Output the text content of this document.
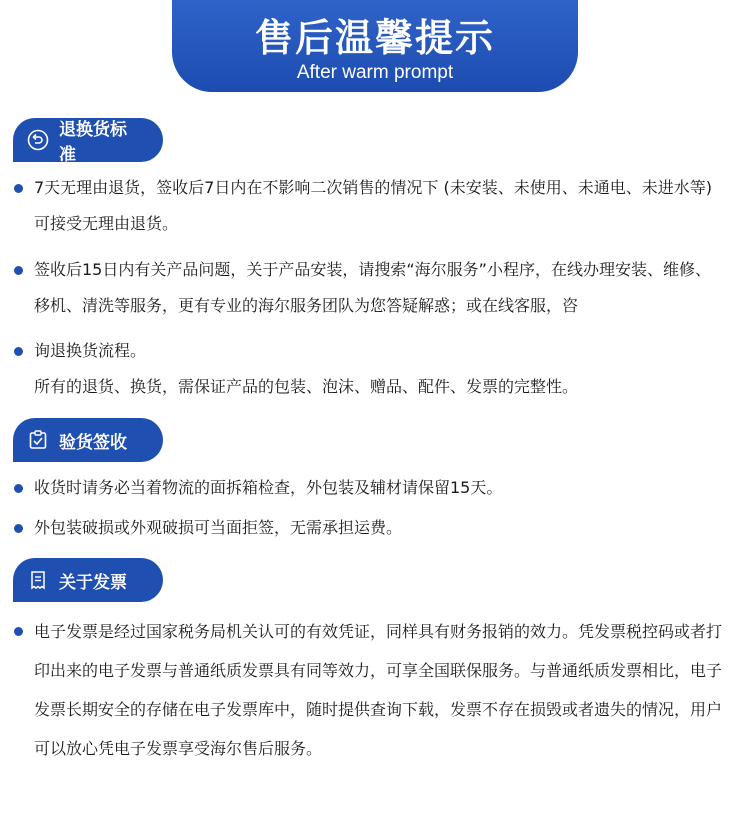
售后温馨提示
After warm prompt
退换货标准
7天无理由退货，签收后7日内在不影响二次销售的情况下 (未安装、未使用、未通电、未进水等) 可接受无理由退货。
签收后15日内有关产品问题，关于产品安装，请搜索“海尔服务”小程序，在线办理安装、维修、移机、清洗等服务，更有专业的海尔服务团队为您答疑解惑；或在线客服，咨
询退换货流程。
所有的退货、换货，需保证产品的包装、泡沫、赠品、配件、发票的完整性。
验货签收
收货时请务必当着物流的面拆箱检查，外包装及辅材请保留15天。
外包装破损或外观破损可当面拒签，无需承担运费。
关于发票
电子发票是经过国家税务局机关认可的有效凭证，同样具有财务报销的效力。凭发票税控码或者打印出来的电子发票与普通纸质发票具有同等效力，可享全国联保服务。与普通纸质发票相比，电子发票长期安全的存储在电子发票库中，随时提供查询下载，发票不存在损毁或者遗失的情况，用户可以放心凭电子发票享受海尔售后服务。
